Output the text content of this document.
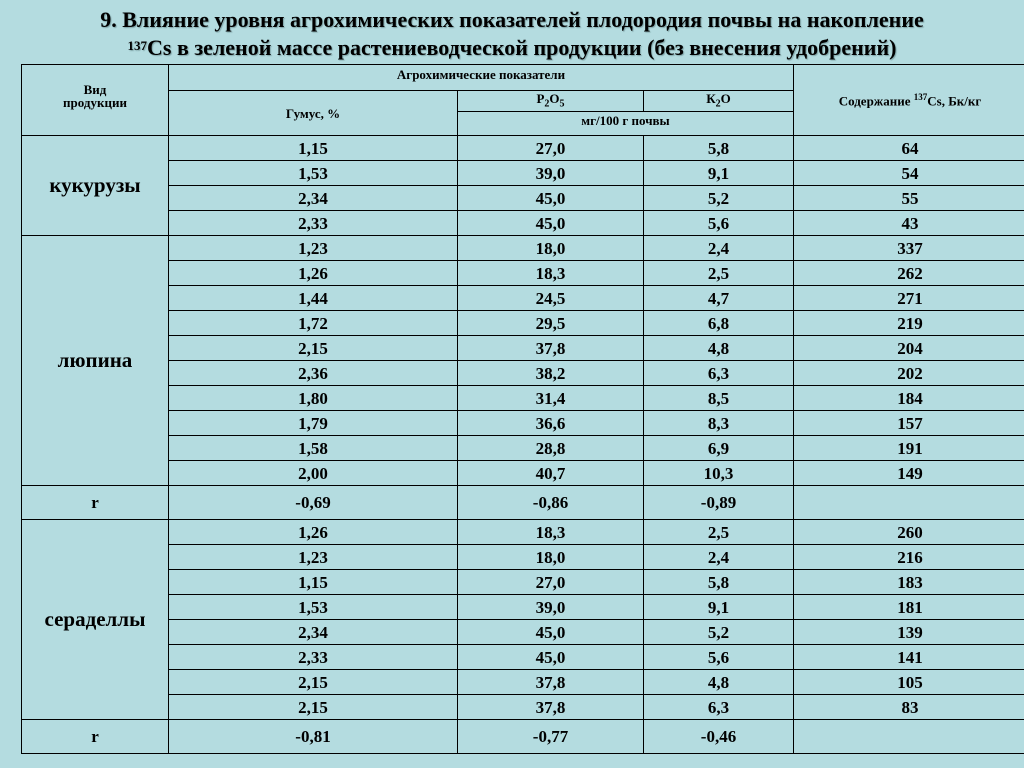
9. Влияние уровня агрохимических показателей плодородия почвы на накопление
$^{137}$Cs в зеленой массе растениеводческой продукции (без внесения удобрений)
Вид
продукции	Агрохимические показатели			Содержание $^{137}$Cs, Бк/кг
	Гумус, %	$Р_2О_5$	$К_2О$	
		мг/100 г почвы		
кукурузы	1,15	27,0	5,8	64
	1,53	39,0	9,1	54
	2,34	45,0	5,2	55
	2,33	45,0	5,6	43
люпина	1,23	18,0	2,4	337
	1,26	18,3	2,5	262
	1,44	24,5	4,7	271
	1,72	29,5	6,8	219
	2,15	37,8	4,8	204
	2,36	38,2	6,3	202
	1,80	31,4	8,5	184
	1,79	36,6	8,3	157
	1,58	28,8	6,9	191
	2,00	40,7	10,3	149
r	-0,69	-0,86	-0,89	
сераделлы	1,26	18,3	2,5	260
	1,23	18,0	2,4	216
	1,15	27,0	5,8	183
	1,53	39,0	9,1	181
	2,34	45,0	5,2	139
	2,33	45,0	5,6	141
	2,15	37,8	4,8	105
	2,15	37,8	6,3	83
r	-0,81	-0,77	-0,46	
